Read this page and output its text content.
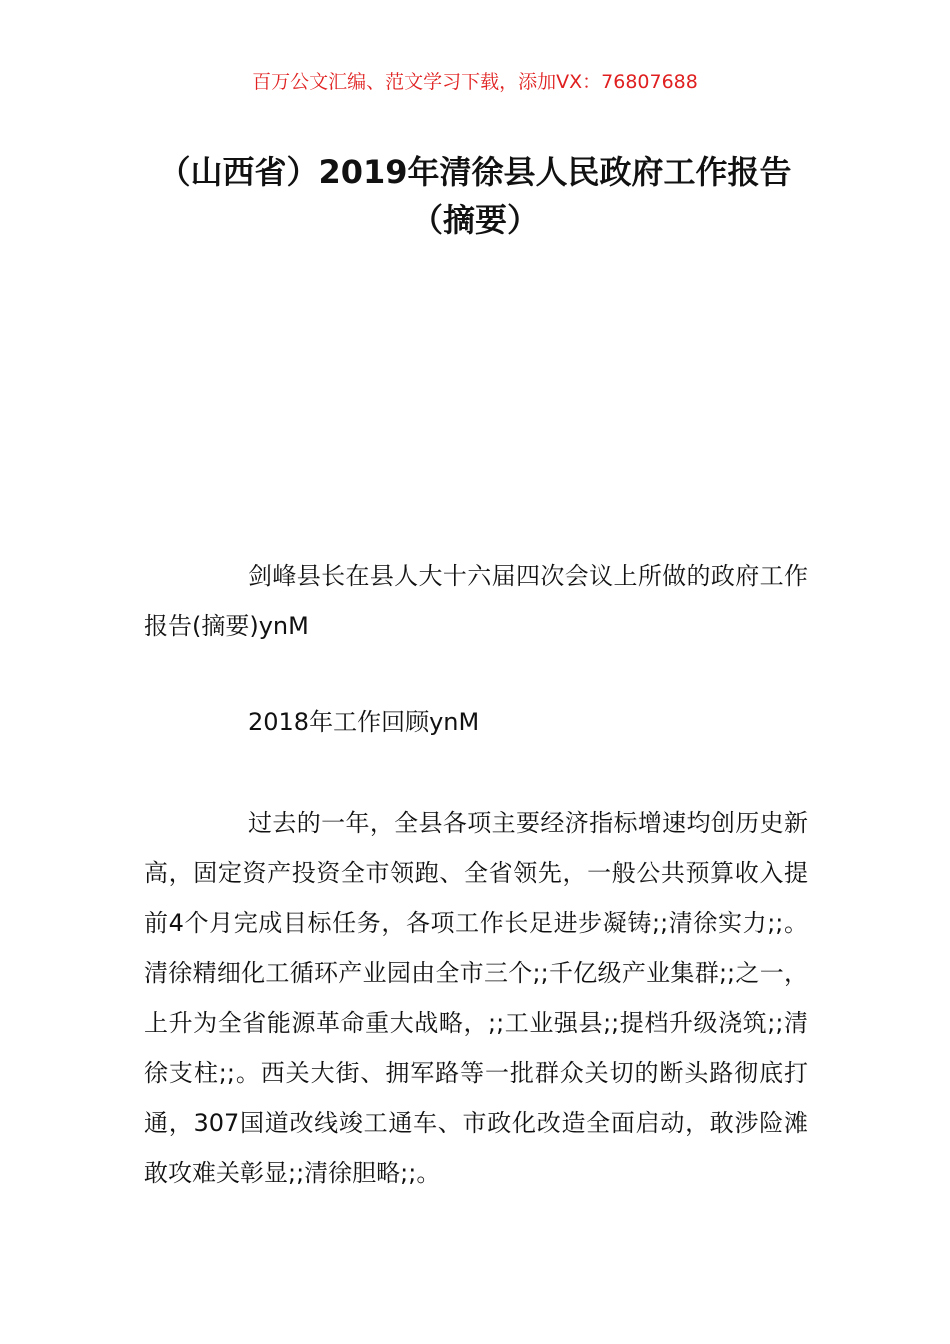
百万公文汇编、范文学习下载，添加VX：76807688
（山西省）2019年清徐县人民政府工作报告（摘要）

剑峰县长在县人大十六届四次会议上所做的政府工作报告(摘要)ynM

2018年工作回顾ynM

过去的一年，全县各项主要经济指标增速均创历史新高，固定资产投资全市领跑、全省领先，一般公共预算收入提前4个月完成目标任务，各项工作长足进步凝铸;;清徐实力;;。清徐精细化工循环产业园由全市三个;;千亿级产业集群;;之一，上升为全省能源革命重大战略，;;工业强县;;提档升级浇筑;;清徐支柱;;。西关大街、拥军路等一批群众关切的断头路彻底打通，307国道改线竣工通车、市政化改造全面启动，敢涉险滩敢攻难关彰显;;清徐胆略;;。
